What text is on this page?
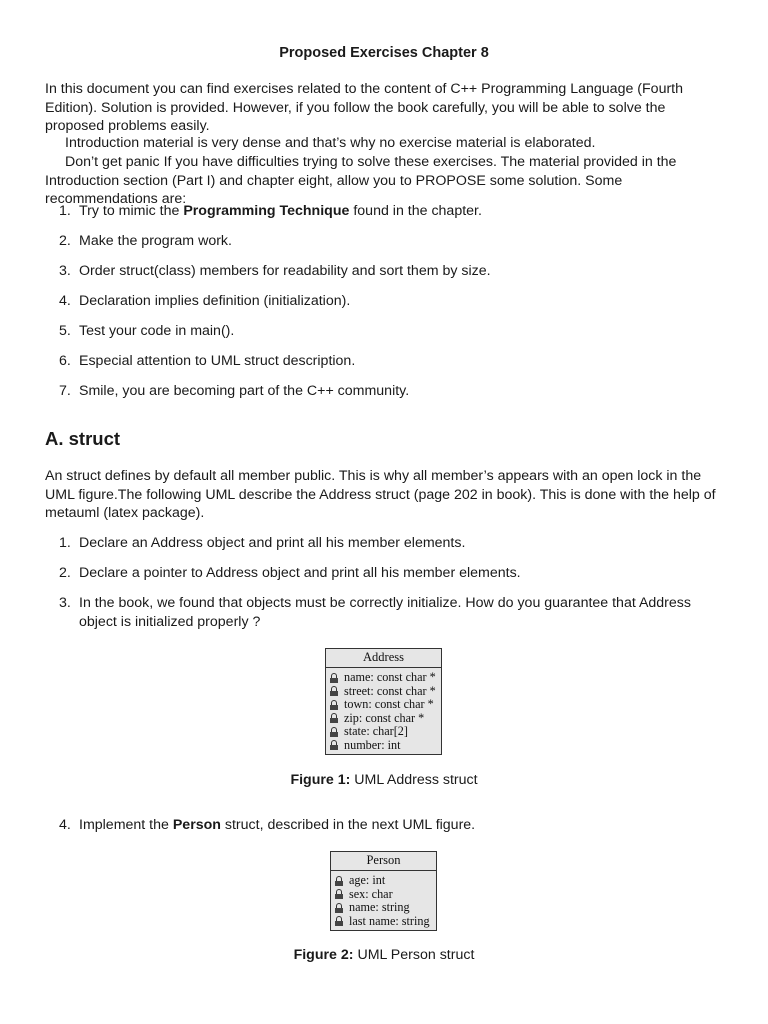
Proposed Exercises Chapter 8

In this document you can find exercises related to the content of C++ Programming Language (Fourth Edition). Solution is provided. However, if you follow the book carefully, you will be able to solve the proposed problems easily.

Introduction material is very dense and that’s why no exercise material is elaborated.

Don’t get panic If you have difficulties trying to solve these exercises. The material provided in the Introduction section (Part I) and chapter eight, allow you to PROPOSE some solution. Some recommendations are:

1. Try to mimic the Programming Technique found in the chapter.
2. Make the program work.
3. Order struct(class) members for readability and sort them by size.
4. Declaration implies definition (initialization).
5. Test your code in main().
6. Especial attention to UML struct description.
7. Smile, you are becoming part of the C++ community.
A. struct

An struct defines by default all member public. This is why all member’s appears with an open lock in the UML figure.The following UML describe the Address struct (page 202 in book). This is done with the help of metauml (latex package).

1. Declare an Address object and print all his member elements.
2. Declare a pointer to Address object and print all his member elements.
3. In the book, we found that objects must be correctly initialize. How do you guarantee that Address object is initialized properly ?
4. Implement the Person struct, described in the next UML figure.
Address
name: const char *
street: const char *
town: const char *
zip: const char *
state: char[2]
number: int
Figure 1: UML Address struct
Person
age: int
sex: char
name: string
last name: string
Figure 2: UML Person struct
